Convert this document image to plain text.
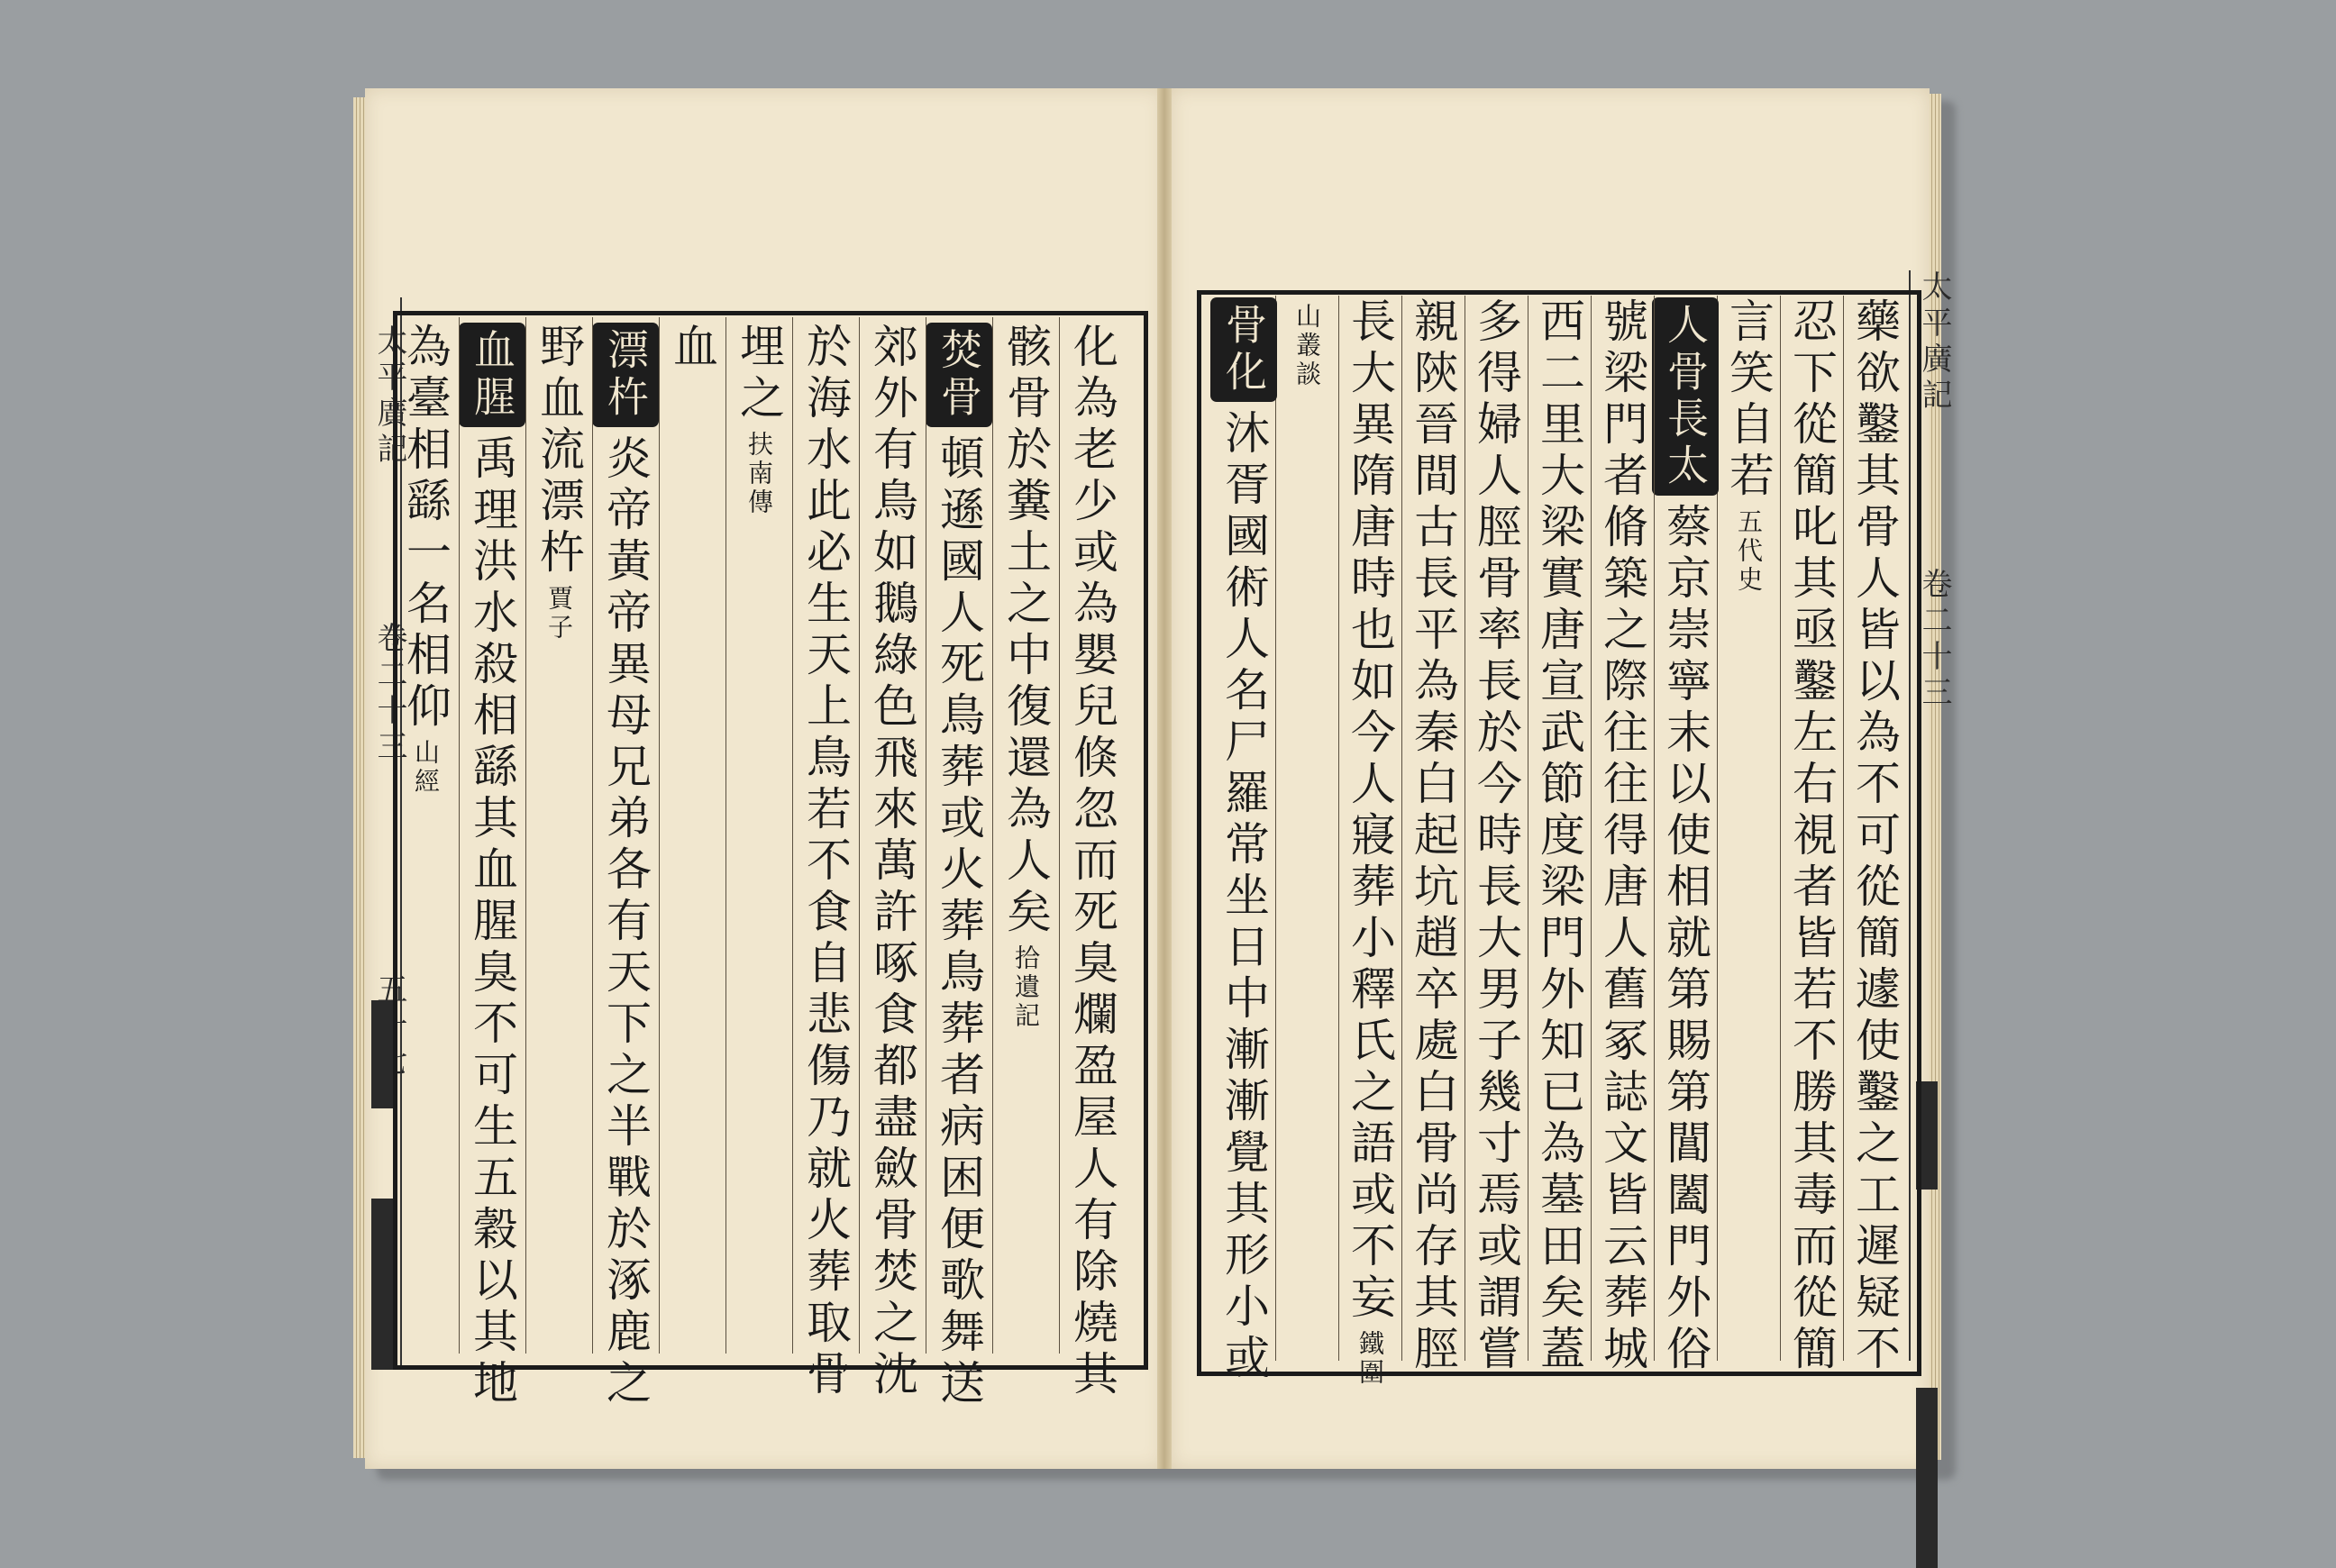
太平廣記
卷二十三
五十七
太平廣記
卷二十三
化為老少或為嬰兒倏忽而死臭爛盈屋人有除燒其
骸骨於糞土之中復還為人矣
拾遺記
焚骨
頓遜國人死鳥葬或火葬鳥葬者病困便歌舞送
郊外有鳥如鵝綠色飛來萬許啄食都盡斂骨焚之沈
於海水此必生天上鳥若不食自悲傷乃就火葬取骨
埋之
扶南傳
血
漂杵
炎帝黃帝異母兄弟各有天下之半戰於涿鹿之
野血流漂杵
賈子
血腥
禹理洪水殺相繇其血腥臭不可生五穀以其地
為臺相繇一名相仰
山經	藥欲鑿其骨人皆以為不可從簡遽使鑿之工遲疑不
忍下從簡叱其亟鑿左右視者皆若不勝其毒而從簡
言笑自若
五代史
人骨長太
蔡京崇寧末以使相就第賜第閶闔門外俗
號梁門者脩築之際往往得唐人舊冢誌文皆云葬城
西二里大梁實唐宣武節度梁門外知已為墓田矣蓋
多得婦人脛骨率長於今時長大男子幾寸焉或謂嘗
親陝晉間古長平為秦白起坑趙卒處白骨尚存其脛
長大異隋唐時也如今人寢葬小釋氏之語或不妄
鐵圍
山叢談
骨化
沐胥國術人名尸羅常坐日中漸漸覺其形小或
